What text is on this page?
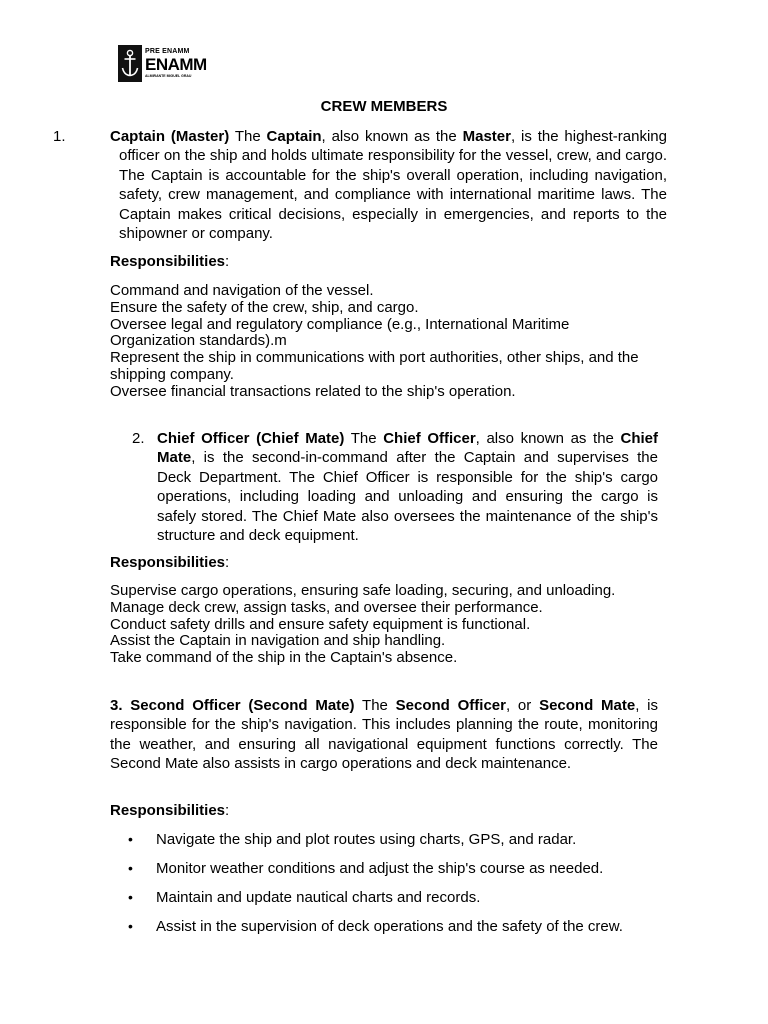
PRE ENAMM
ENAMM
ALMIRANTE MIGUEL GRAU
CREW MEMBERS
1.	Captain (Master) The Captain, also known as the Master, is the highest-ranking officer on the ship and holds ultimate responsibility for the vessel, crew, and cargo. The Captain is accountable for the ship's overall operation, including navigation, safety, crew management, and compliance with international maritime laws. The Captain makes critical decisions, especially in emergencies, and reports to the shipowner or company.
Responsibilities:
Command and navigation of the vessel.
Ensure the safety of the crew, ship, and cargo.
Oversee legal and regulatory compliance (e.g., International Maritime Organization standards).m
Represent the ship in communications with port authorities, other ships, and the shipping company.
Oversee financial transactions related to the ship's operation.
2. Chief Officer (Chief Mate) The Chief Officer, also known as the Chief Mate, is the second-in-command after the Captain and supervises the Deck Department. The Chief Officer is responsible for the ship's cargo operations, including loading and unloading and ensuring the cargo is safely stored. The Chief Mate also oversees the maintenance of the ship's structure and deck equipment.
Responsibilities:
Supervise cargo operations, ensuring safe loading, securing, and unloading.
Manage deck crew, assign tasks, and oversee their performance.
Conduct safety drills and ensure safety equipment is functional.
Assist the Captain in navigation and ship handling.
Take command of the ship in the Captain's absence.
3. Second Officer (Second Mate) The Second Officer, or Second Mate, is responsible for the ship's navigation. This includes planning the route, monitoring the weather, and ensuring all navigational equipment functions correctly. The Second Mate also assists in cargo operations and deck maintenance.
Responsibilities:
• Navigate the ship and plot routes using charts, GPS, and radar.
• Monitor weather conditions and adjust the ship's course as needed.
• Maintain and update nautical charts and records.
• Assist in the supervision of deck operations and the safety of the crew.
